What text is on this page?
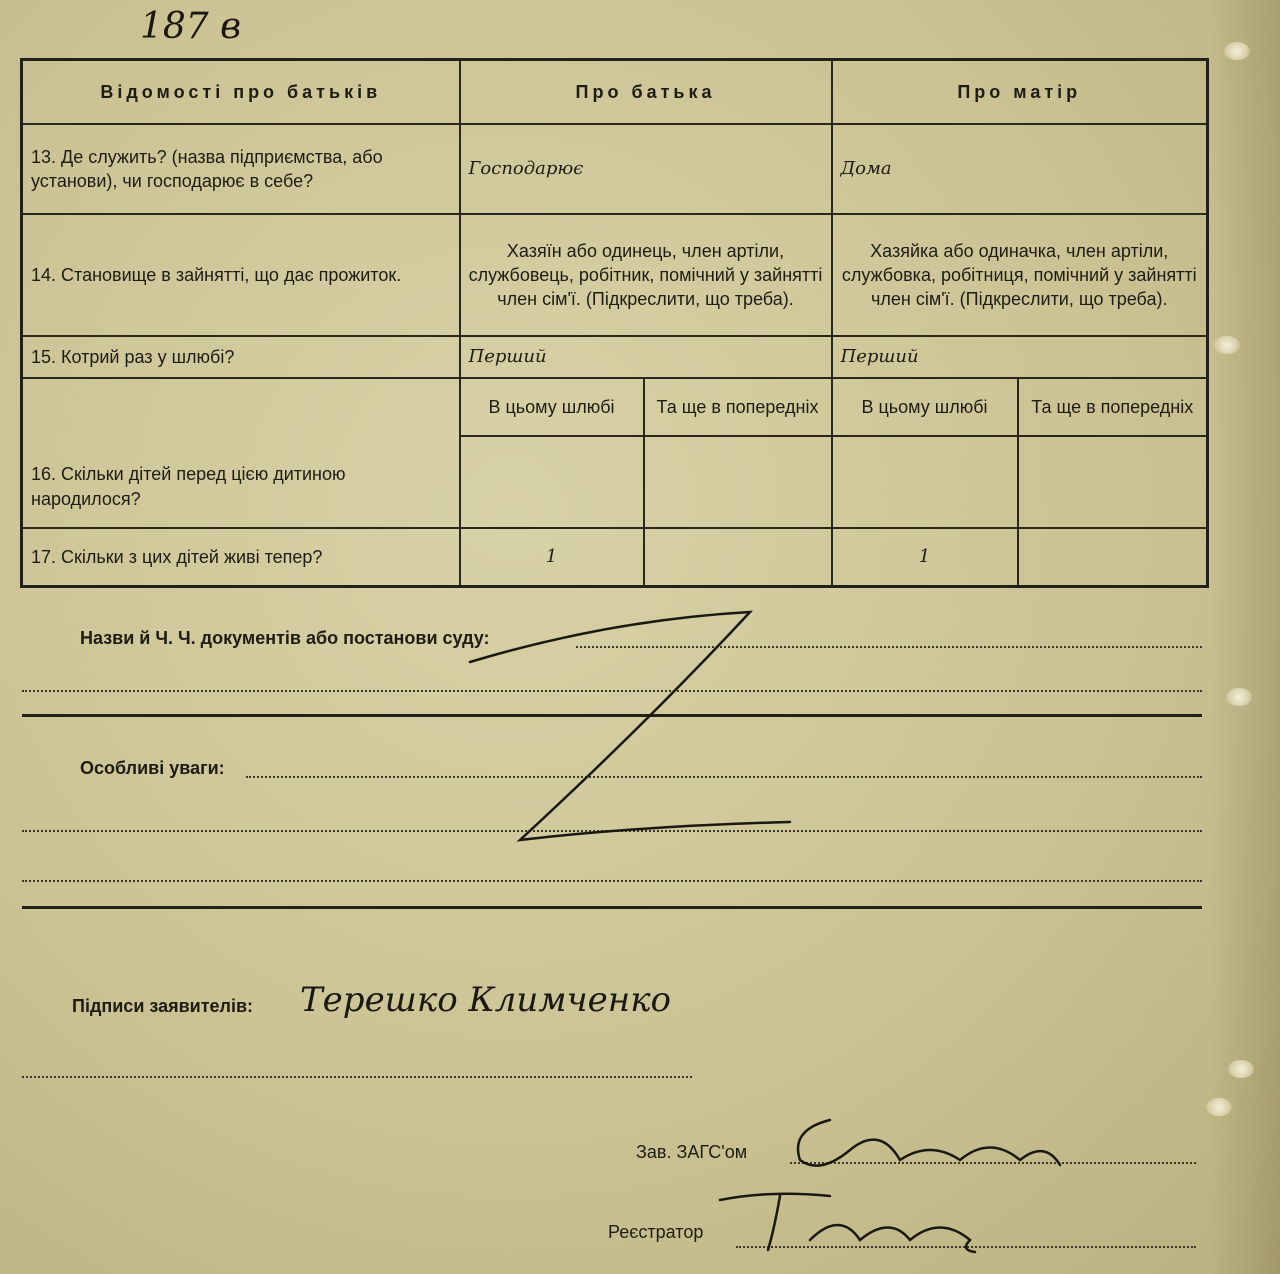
187 в
Відомості про батьків	Про батька		Про матір	
13. Де служить? (назва підприємства, або установи), чи господарює в себе?	Господарює		Дома	
14. Становище в зайнятті, що дає прожиток.	Хазяїн або одинець, член артіли, службовець, робітник, помічний у зайнятті член сім'ї. (Підкреслити, що треба).		Хазяйка або одиначка, член артіли, службовка, робітниця, помічний у зайнятті член сім'ї. (Підкреслити, що треба).	
15. Котрий раз у шлюбі?	Перший		Перший	
16. Скільки дітей перед цією дитиною народилося?	В цьому шлюбі	Та ще в попередніх	В цьому шлюбі	Та ще в попередніх

17. Скільки з цих дітей живі тепер?	1		1	
Назви й Ч. Ч. документів або постанови суду:
Особливі уваги:
Підписи заявителів: Терешко Климченко
Зав. ЗАГС'ом
Реєстратор
